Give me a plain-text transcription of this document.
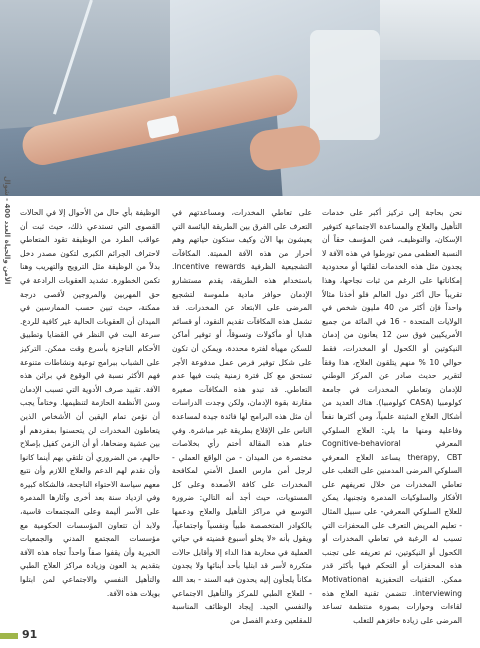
الأمن والحياة العدد 400 - شوال

نحن بحاجة إلى تركيز أكبر على خدمات التأهيل والعلاج والمساعدة الاجتماعية كتوفير الإسكان، والتوظيف، فمن المؤسف حقاً أن النسبة العظمى ممن تورطوا في هذه الآفة لا يجدون مثل هذه الخدمات لقلتها أو محدودية إمكاناتها على الرغم من ثبات نجاحها، وهذا تقريباً حال أكثر دول العالم فلو أخذنا مثالاً واحداً فإن أكثر من 40 مليون شخص في الولايات المتحدة - 16 في المائة من جميع الأمريكيين فوق سن 12 يعانون من إدمان النيكوتين أو الكحول أو المخدرات، فقط حوالي 10 % منهم يتلقون العلاج، هذا وفقاً لتقرير حديث صادر عن المركز الوطني للإدمان وتعاطي المخدرات في جامعة كولومبيا (CASA كولومبيا). هناك العديد من أشكال العلاج المثبتة علمياً، ومن أكثرها نفعاً وفاعلية ومنها ما يلي: العلاج السلوكي المعرفي Cognitive-behavioral therapy, CBT يساعد العلاج المعرفي السلوكي المرضى المدمنين على التغلب على تعاطي المخدرات من خلال تعريفهم على الأفكار والسلوكيات المدمرة وتجنبها، يمكن للعلاج السلوكي المعرفي- على سبيل المثال - تعليم المريض التعرف على المحفزات التي تسبب له الرغبة في تعاطي المخدرات أو الكحول أو النيكوتين، ثم تعريفه على تجنب هذه المحفزات أو التحكم فيها بأكثر قدر ممكن. التقنيات التحفيزية Motivational interviewing. تتضمن تقنية العلاج هذه لقاءات وحوارات بصورة منتظمة تساعد المرضى على زيادة حافزهم للتغلب

على تعاطي المخدرات، ومساعدتهم في التعرف على الفرق بين الطريقة البائسة التي يعيشون بها الآن وكيف ستكون حياتهم وهم أحرار من هذه الآفة المميتة. المكافآت التشجيعية الظرفية Incentive rewards. باستخدام هذه الطريقة، يقدم مستشارو الإدمان حوافز مادية ملموسة لتشجيع المرضى على الابتعاد عن المخدرات. قد تشمل هذه المكافآت تقديم النقود، أو قسائم هدايا أو مأكولات وتسوقاً، أو توفير أماكن للسكن مهيأة لفترة محددة، ويمكن أن تكون على شكل توفير فرص عمل مدفوعة الأجر تستحق مع كل فترة زمنية يثبت فيها عدم التعاطي. قد تبدو هذه المكافآت صغيرة مقارنة بقوة الإدمان، ولكن وجدت الدراسات أن مثل هذه البرامج لها فائدة جيدة لمساعدة الناس على الإقلاع بطريقة غير مباشرة. وفي ختام هذه المقالة أختم رأي بخلاصات مختصرة من الميدان - من الواقع العملي - لرجل أمن مارس العمل الأمني لمكافحة المخدرات على كافة الأصعدة وعلى كل المستويات، حيث أجد أنه التالي: ضرورة التوسع في مراكز التأهيل والعلاج ودعمها بالكوادر المتخصصة طبياً ونفسياً واجتماعياً، ويقول بأنه «لا يخلو أسبوع قضيته في حياتي العملية في محاربة هذا الداء إلا وأقابل حالات متكررة لأسر قد ابتليا بأحد أبنائها ولا يجدون مكاناً يلجأون إليه يحدون فيه السند - بعد الله - للعلاج الطبي للمركز والتأهيل الاجتماعي والنفسي الجيد. إيجاد الوظائف المناسبة للمقلعين وعدم الفصل من

الوظيفة بأي حال من الأحوال إلا في الحالات القصوى التي تستدعي ذلك، حيث ثبت أن عواقب الطرد من الوظيفة تقود المتعاطي لاحتراف الجرائم الكبرى لتكون مصدر دخل بدلاً من الوظيفة مثل الترويج والتهريب وهنا تكمن الخطورة. تشديد العقوبات الرادعة في حق المهربين والمروجين لأقصى درجة ممكنة، حيث تبين حسب الممارسين في الميدان أن العقوبات الحالية غير كافية للردع. سرعة البت في النظر في القضايا وتطبيق الأحكام الناجزة بأسرع وقت ممكن. التركيز على الشباب ببرامج توعية ونشاطات متنوعة فهم الأكثر نسبة في الوقوع في براثن هذه الآفة. تقييد صرف الأدوية التي تسبب الإدمان وسن الأنظمة الحازمة لتنظيمها. وختاماً يجب أن نؤمن تمام اليقين أن الأشخاص الذين يتعاطون المخدرات لن يتحسنوا بمفردهم أو بين عشية وضحاها، أو أن الزمن كفيل بإصلاح حالهم، من الضروري أن تلتقي بهم أينما كانوا وأن نقدم لهم الدعم والعلاج اللازم وأن نتبع معهم سياسة الاحتواء الناجحة، فالشكاة كبيرة وفي ازدياد سنة بعد أخرى وآثارها المدمرة على الأسر أليمة وعلى المجتمعات قاسية، ولابد أن تتعاون المؤسسات الحكومية مع مؤسسات المجتمع المدني والجمعيات الخيرية وأن يقفوا صفاً واحداً تجاه هذه الآفة بتقديم يد العون وزيادة مراكز العلاج الطبي والتأهيل النفسي والاجتماعي لمن ابتلوا بويلات هذه الآفة.

91
